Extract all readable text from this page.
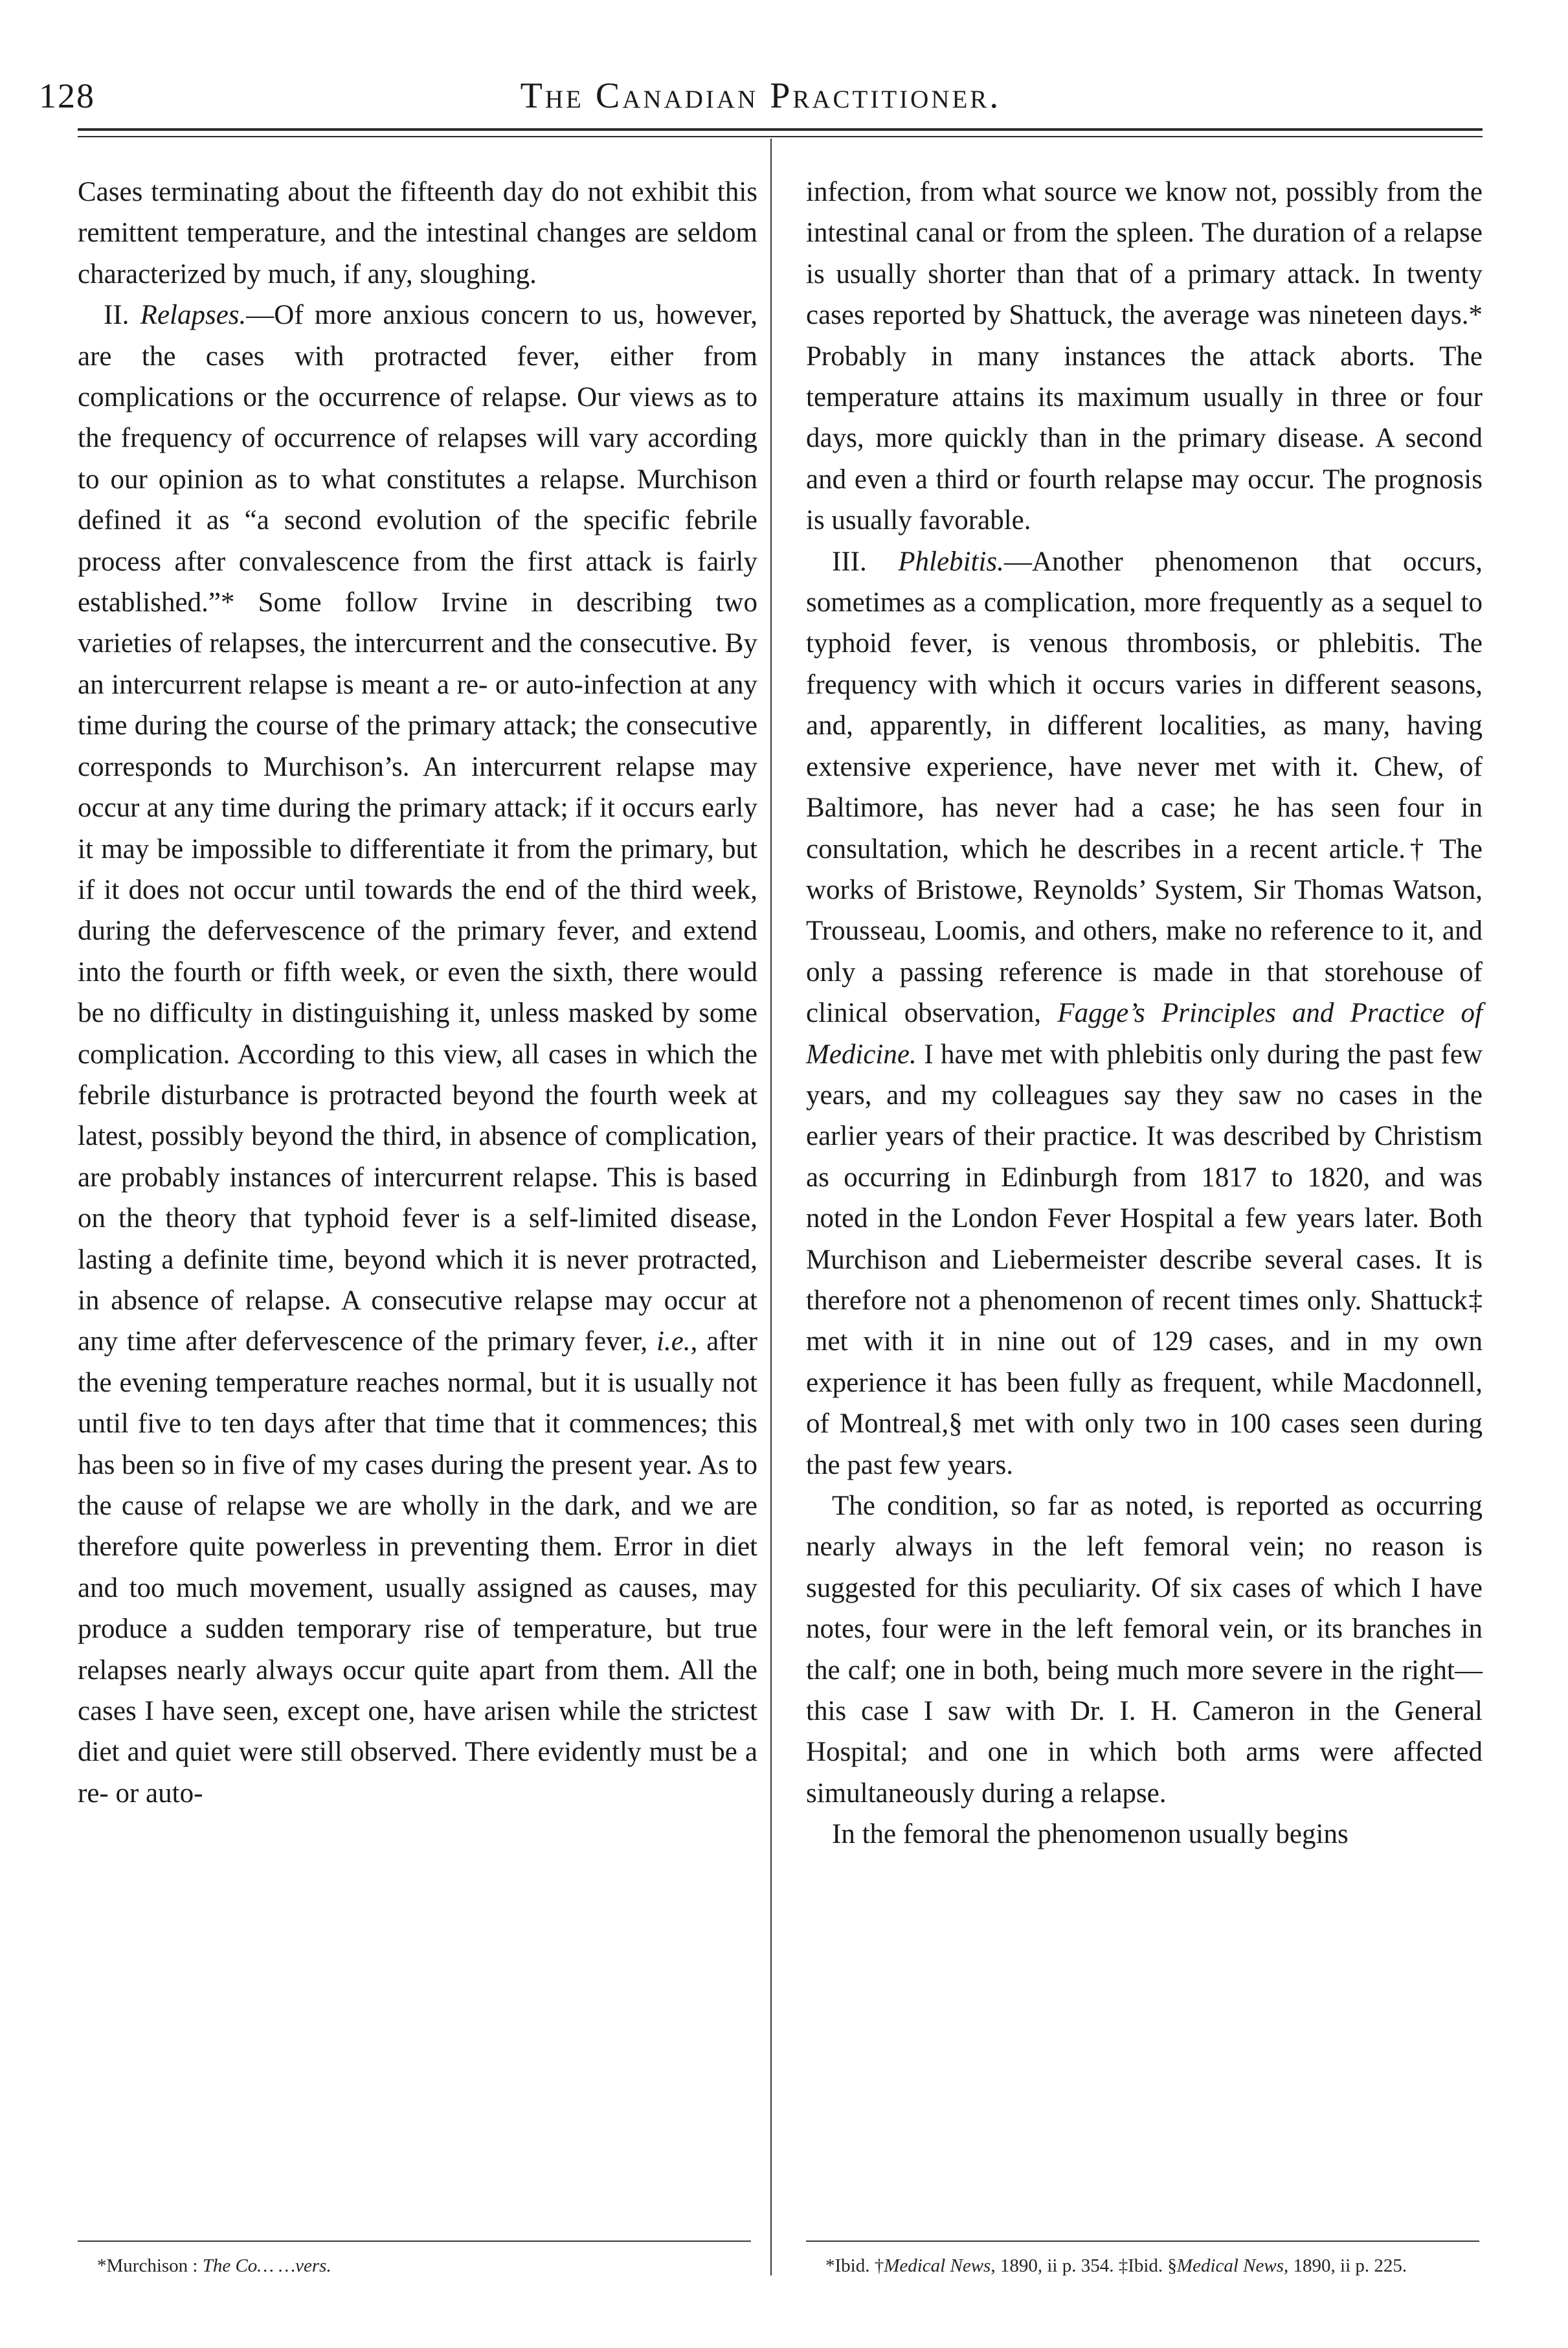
128	The Canadian Practitioner.

Cases terminating about the fifteenth day do not exhibit this remittent temperature, and the intestinal changes are seldom characterized by much, if any, sloughing.

II. Relapses.—Of more anxious concern to us, however, are the cases with protracted fever, either from complications or the occurrence of relapse. Our views as to the frequency of occurrence of relapses will vary according to our opinion as to what constitutes a relapse. Murchison defined it as “a second evolution of the specific febrile process after convalescence from the first attack is fairly established.”* Some follow Irvine in describing two varieties of relapses, the intercurrent and the consecutive. By an intercurrent relapse is meant a re- or auto-infection at any time during the course of the primary attack; the consecutive corresponds to Murchison’s. An intercurrent relapse may occur at any time during the primary attack; if it occurs early it may be impossible to differentiate it from the primary, but if it does not occur until towards the end of the third week, during the defervescence of the primary fever, and extend into the fourth or fifth week, or even the sixth, there would be no difficulty in distinguishing it, unless masked by some complication. According to this view, all cases in which the febrile disturbance is protracted beyond the fourth week at latest, possibly beyond the third, in absence of complication, are probably instances of intercurrent relapse. This is based on the theory that typhoid fever is a self-limited disease, lasting a definite time, beyond which it is never protracted, in absence of relapse. A consecutive relapse may occur at any time after defervescence of the primary fever, i.e., after the evening temperature reaches normal, but it is usually not until five to ten days after that time that it commences; this has been so in five of my cases during the present year. As to the cause of relapse we are wholly in the dark, and we are therefore quite powerless in preventing them. Error in diet and too much movement, usually assigned as causes, may produce a sudden temporary rise of temperature, but true relapses nearly always occur quite apart from them. All the cases I have seen, except one, have arisen while the strictest diet and quiet were still observed. There evidently must be a re- or auto-

infection, from what source we know not, possibly from the intestinal canal or from the spleen. The duration of a relapse is usually shorter than that of a primary attack. In twenty cases reported by Shattuck, the average was nineteen days.* Probably in many instances the attack aborts. The temperature attains its maximum usually in three or four days, more quickly than in the primary disease. A second and even a third or fourth relapse may occur. The prognosis is usually favorable.

III. Phlebitis.—Another phenomenon that occurs, sometimes as a complication, more frequently as a sequel to typhoid fever, is venous thrombosis, or phlebitis. The frequency with which it occurs varies in different seasons, and, apparently, in different localities, as many, having extensive experience, have never met with it. Chew, of Baltimore, has never had a case; he has seen four in consultation, which he describes in a recent article.† The works of Bristowe, Reynolds’ System, Sir Thomas Watson, Trousseau, Loomis, and others, make no reference to it, and only a passing reference is made in that storehouse of clinical observation, Fagge’s Principles and Practice of Medicine. I have met with phlebitis only during the past few years, and my colleagues say they saw no cases in the earlier years of their practice. It was described by Christism as occurring in Edinburgh from 1817 to 1820, and was noted in the London Fever Hospital a few years later. Both Murchison and Liebermeister describe several cases. It is therefore not a phenomenon of recent times only. Shattuck‡ met with it in nine out of 129 cases, and in my own experience it has been fully as frequent, while Macdonnell, of Montreal,§ met with only two in 100 cases seen during the past few years.

The condition, so far as noted, is reported as occurring nearly always in the left femoral vein; no reason is suggested for this peculiarity. Of six cases of which I have notes, four were in the left femoral vein, or its branches in the calf; one in both, being much more severe in the right—this case I saw with Dr. I. H. Cameron in the General Hospital; and one in which both arms were affected simultaneously during a relapse.

In the femoral the phenomenon usually begins

*Murchison : The Co… …vers.	*Ibid. †Medical News, 1890, ii p. 354. ‡Ibid. §Medical News, 1890, ii p. 225.
